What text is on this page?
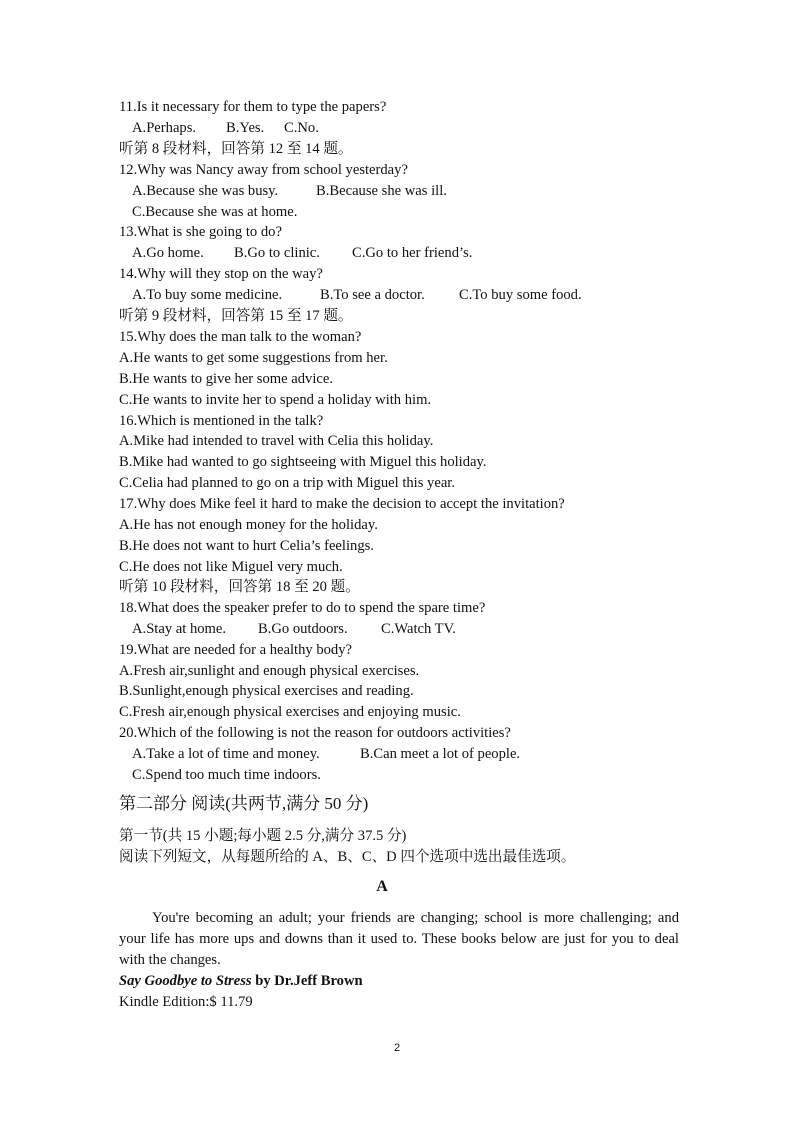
11.Is it necessary for them to type the papers?
A.Perhaps. B.Yes. C.No.
听第 8 段材料，回答第 12 至 14 题。
12.Why was Nancy away from school yesterday?
A.Because she was busy.	B.Because she was ill.
C.Because she was at home.
13.What is she going to do?
A.Go home. B.Go to clinic. C.Go to her friend’s.
14.Why will they stop on the way?
A.To buy some medicine.	B.To see a doctor. C.To buy some food.
听第 9 段材料，回答第 15 至 17 题。
15.Why does the man talk to the woman?
A.He wants to get some suggestions from her.
B.He wants to give her some advice.
C.He wants to invite her to spend a holiday with him.
16.Which is mentioned in the talk?
A.Mike had intended to travel with Celia this holiday.
B.Mike had wanted to go sightseeing with Miguel this holiday.
C.Celia had planned to go on a trip with Miguel this year.
17.Why does Mike feel it hard to make the decision to accept the invitation?
A.He has not enough money for the holiday.
B.He does not want to hurt Celia’s feelings.
C.He does not like Miguel very much.
听第 10 段材料，回答第 18 至 20 题。
18.What does the speaker prefer to do to spend the spare time?
A.Stay at home. B.Go outdoors. C.Watch TV.
19.What are needed for a healthy body?
A.Fresh air,sunlight and enough physical exercises.
B.Sunlight,enough physical exercises and reading.
C.Fresh air,enough physical exercises and enjoying music.
20.Which of the following is not the reason for outdoors activities?
A.Take a lot of time and money.	B.Can meet a lot of people.
C.Spend too much time indoors.
第二部分 阅读(共两节,满分 50 分)
第一节(共 15 小题;每小题 2.5 分,满分 37.5 分)
阅读下列短文，从每题所给的 A、B、C、D 四个选项中选出最佳选项。
A
You're becoming an adult; your friends are changing; school is more challenging; and your life has more ups and downs than it used to. These books below are just for you to deal with the changes.
Say Goodbye to Stress by Dr.Jeff Brown
Kindle Edition:$ 11.79
2
